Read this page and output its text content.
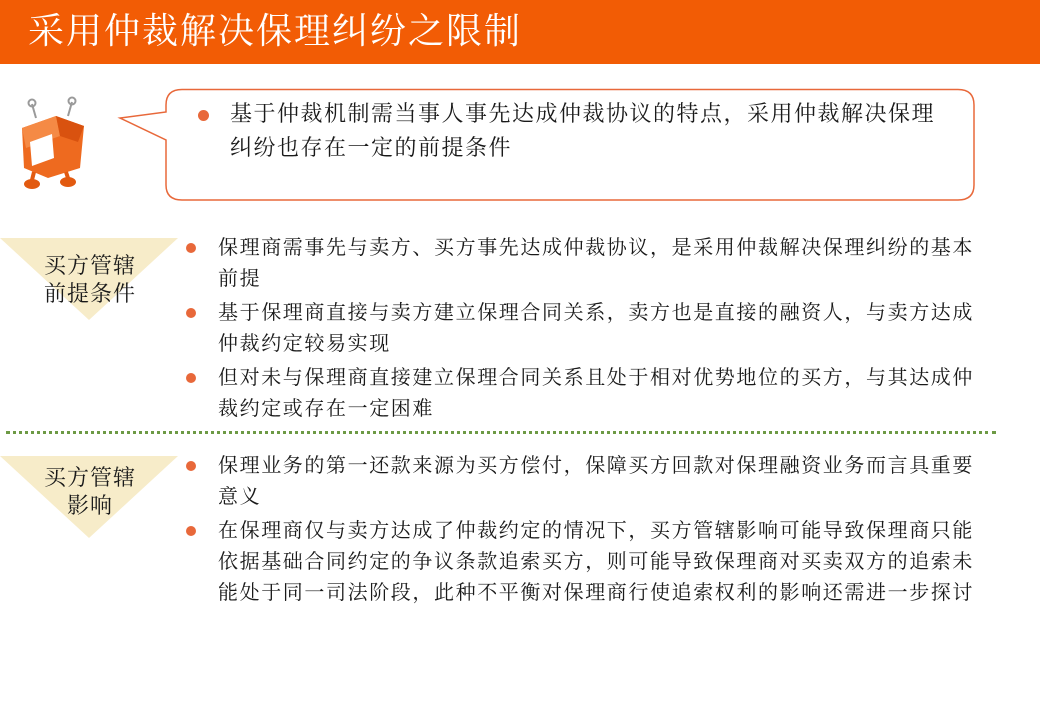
采用仲裁解决保理纠纷之限制
基于仲裁机制需当事人事先达成仲裁协议的特点，采用仲裁解决保理纠纷也存在一定的前提条件
买方管辖
前提条件
保理商需事先与卖方、买方事先达成仲裁协议，是采用仲裁解决保理纠纷的基本前提
基于保理商直接与卖方建立保理合同关系，卖方也是直接的融资人，与卖方达成仲裁约定较易实现
但对未与保理商直接建立保理合同关系且处于相对优势地位的买方，与其达成仲裁约定或存在一定困难
买方管辖
影响
保理业务的第一还款来源为买方偿付，保障买方回款对保理融资业务而言具重要意义
在保理商仅与卖方达成了仲裁约定的情况下，买方管辖影响可能导致保理商只能依据基础合同约定的争议条款追索买方，则可能导致保理商对买卖双方的追索未能处于同一司法阶段，此种不平衡对保理商行使追索权利的影响还需进一步探讨
